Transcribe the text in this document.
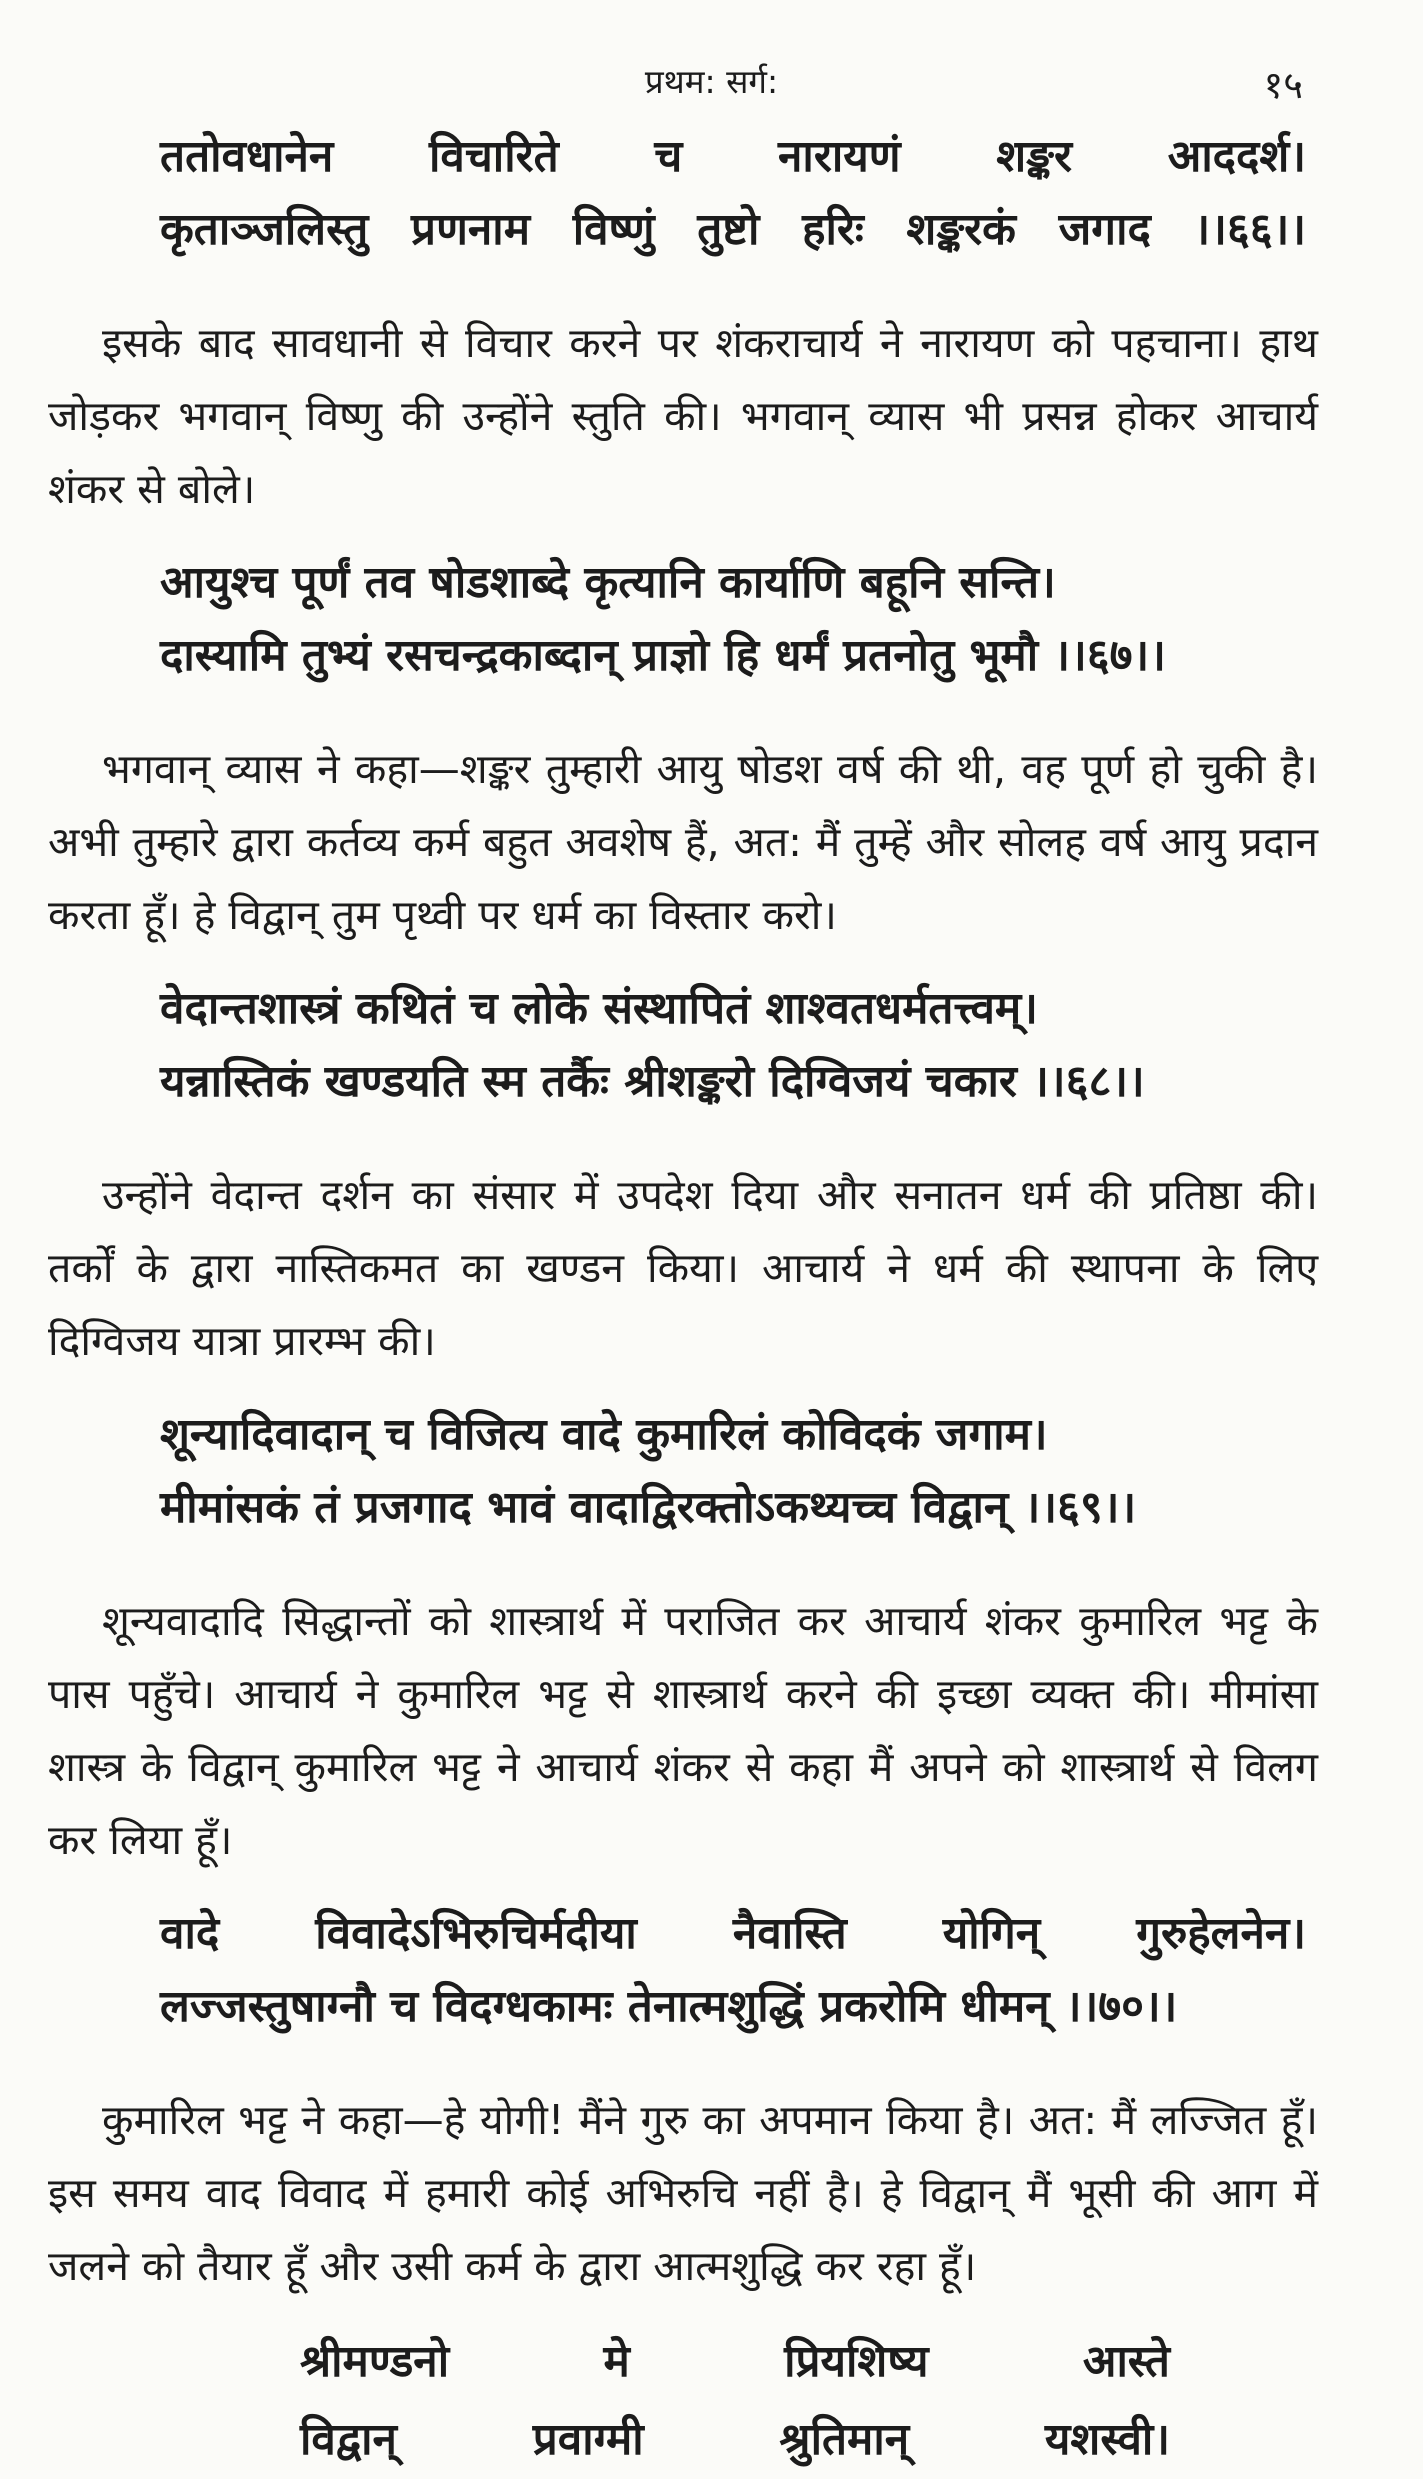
प्रथम: सर्ग:	१५
ततोवधानेन विचारिते च नारायणं शङ्कर आददर्श।
कृताञ्जलिस्तु प्रणनाम विष्णुं तुष्टो हरिः शङ्करकं जगाद ।।६६।।

इसके बाद सावधानी से विचार करने पर शंकराचार्य ने नारायण को पहचाना। हाथ जोड़कर भगवान् विष्णु की उन्होंने स्तुति की। भगवान् व्यास भी प्रसन्न होकर आचार्य शंकर से बोले।

आयुश्च पूर्णं तव षोडशाब्दे कृत्यानि कार्याणि बहूनि सन्ति।
दास्यामि तुभ्यं रसचन्द्रकाब्दान् प्राज्ञो हि धर्मं प्रतनोतु भूमौ ।।६७।।

भगवान् व्यास ने कहा—शङ्कर तुम्हारी आयु षोडश वर्ष की थी, वह पूर्ण हो चुकी है। अभी तुम्हारे द्वारा कर्तव्य कर्म बहुत अवशेष हैं, अत: मैं तुम्हें और सोलह वर्ष आयु प्रदान करता हूँ। हे विद्वान् तुम पृथ्वी पर धर्म का विस्तार करो।

वेदान्तशास्त्रं कथितं च लोके संस्थापितं शाश्वतधर्मतत्त्वम्।
यन्नास्तिकं खण्डयति स्म तर्कैः श्रीशङ्करो दिग्विजयं चकार ।।६८।।

उन्होंने वेदान्त दर्शन का संसार में उपदेश दिया और सनातन धर्म की प्रतिष्ठा की। तर्कों के द्वारा नास्तिकमत का खण्डन किया। आचार्य ने धर्म की स्थापना के लिए दिग्विजय यात्रा प्रारम्भ की।

शून्यादिवादान् च विजित्य वादे कुमारिलं कोविदकं जगाम।
मीमांसकं तं प्रजगाद भावं वादाद्विरक्तोऽकथ्यच्च विद्वान् ।।६९।।

शून्यवादादि सिद्धान्तों को शास्त्रार्थ में पराजित कर आचार्य शंकर कुमारिल भट्ट के पास पहुँचे। आचार्य ने कुमारिल भट्ट से शास्त्रार्थ करने की इच्छा व्यक्त की। मीमांसा शास्त्र के विद्वान् कुमारिल भट्ट ने आचार्य शंकर से कहा मैं अपने को शास्त्रार्थ से विलग कर लिया हूँ।

वादे विवादेऽभिरुचिर्मदीया नैवास्ति योगिन् गुरुहेलनेन।
लज्जस्तुषाग्नौ च विदग्धकामः तेनात्मशुद्धिं प्रकरोमि धीमन् ।।७०।।

कुमारिल भट्ट ने कहा—हे योगी! मैंने गुरु का अपमान किया है। अत: मैं लज्जित हूँ। इस समय वाद विवाद में हमारी कोई अभिरुचि नहीं है। हे विद्वान् मैं भूसी की आग में जलने को तैयार हूँ और उसी कर्म के द्वारा आत्मशुद्धि कर रहा हूँ।

श्रीमण्डनो मे प्रियशिष्य आस्ते
विद्वान् प्रवाग्मी श्रुतिमान् यशस्वी।
